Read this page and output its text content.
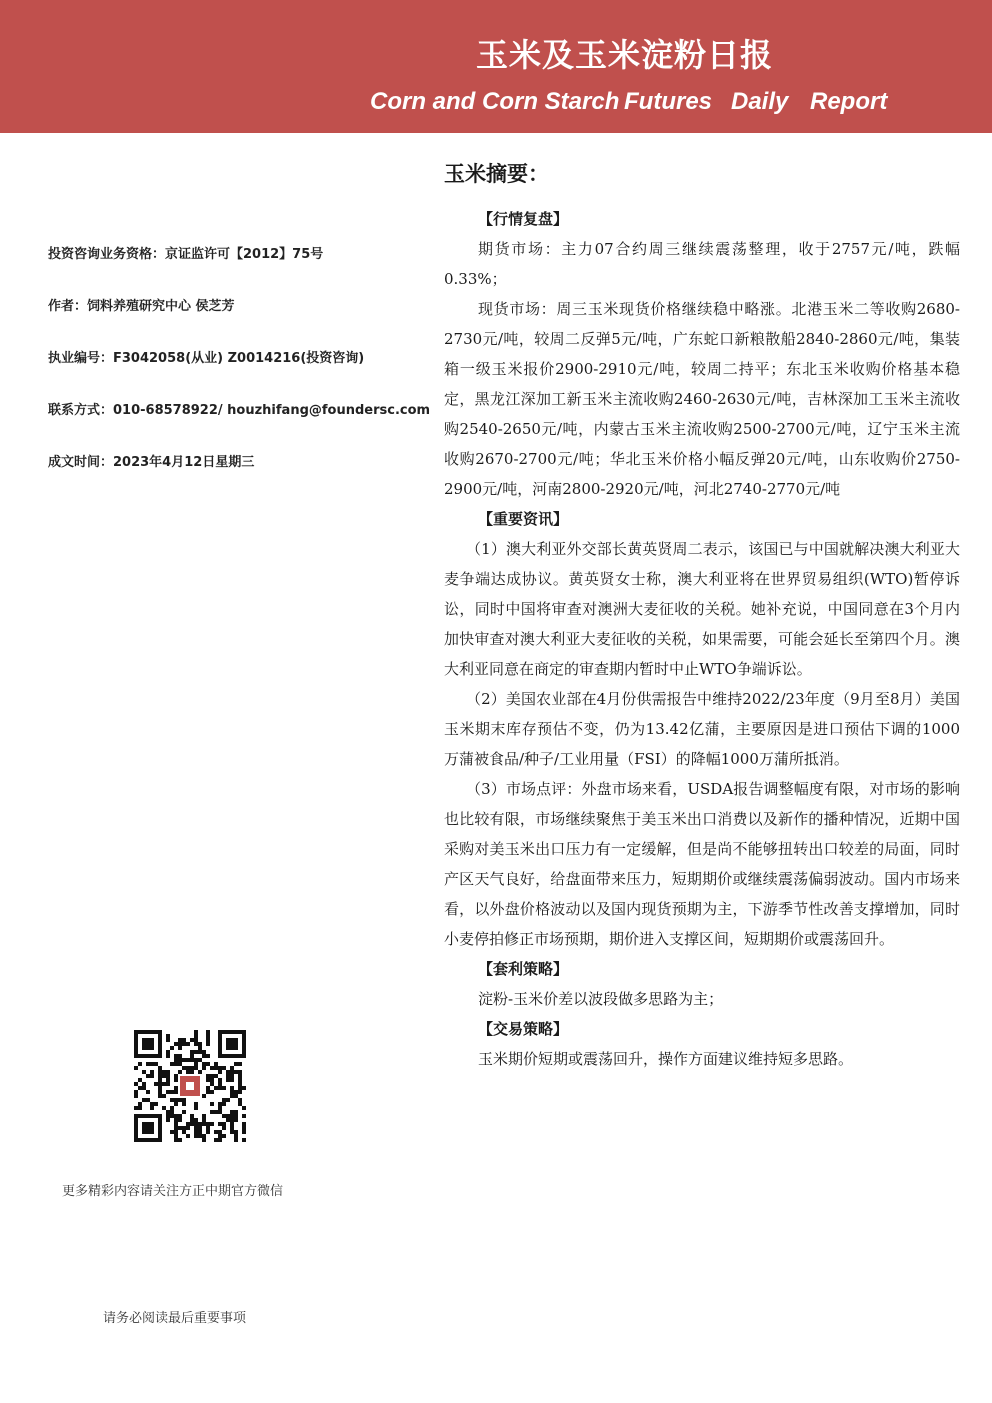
玉米及玉米淀粉日报
Corn and Corn Starch Futures Daily Report
投资咨询业务资格：京证监许可【2012】75号
作者：饲料养殖研究中心 侯芝芳
执业编号：F3042058(从业) Z0014216(投资咨询)
联系方式：010-68578922/ houzhifang@foundersc.com
成文时间：2023年4月12日星期三
更多精彩内容请关注方正中期官方微信
请务必阅读最后重要事项
玉米摘要：
【行情复盘】

期货市场：主力07合约周三继续震荡整理，收于2757元/吨，跌幅0.33%；

现货市场：周三玉米现货价格继续稳中略涨。北港玉米二等收购2680-2730元/吨，较周二反弹5元/吨，广东蛇口新粮散船2840-2860元/吨，集装箱一级玉米报价2900-2910元/吨，较周二持平；东北玉米收购价格基本稳定，黑龙江深加工新玉米主流收购2460-2630元/吨，吉林深加工玉米主流收购2540-2650元/吨，内蒙古玉米主流收购2500-2700元/吨，辽宁玉米主流收购2670-2700元/吨；华北玉米价格小幅反弹20元/吨，山东收购价2750-2900元/吨，河南2800-2920元/吨，河北2740-2770元/吨

【重要资讯】

（1）澳大利亚外交部长黄英贤周二表示，该国已与中国就解决澳大利亚大麦争端达成协议。黄英贤女士称，澳大利亚将在世界贸易组织(WTO)暂停诉讼，同时中国将审查对澳洲大麦征收的关税。她补充说，中国同意在3个月内加快审查对澳大利亚大麦征收的关税，如果需要，可能会延长至第四个月。澳大利亚同意在商定的审查期内暂时中止WTO争端诉讼。

（2）美国农业部在4月份供需报告中维持2022/23年度（9月至8月）美国玉米期末库存预估不变，仍为13.42亿蒲，主要原因是进口预估下调的1000万蒲被食品/种子/工业用量（FSI）的降幅1000万蒲所抵消。

（3）市场点评：外盘市场来看，USDA报告调整幅度有限，对市场的影响也比较有限，市场继续聚焦于美玉米出口消费以及新作的播种情况，近期中国采购对美玉米出口压力有一定缓解，但是尚不能够扭转出口较差的局面，同时产区天气良好，给盘面带来压力，短期期价或继续震荡偏弱波动。国内市场来看，以外盘价格波动以及国内现货预期为主，下游季节性改善支撑增加，同时小麦停拍修正市场预期，期价进入支撑区间，短期期价或震荡回升。

【套利策略】

淀粉-玉米价差以波段做多思路为主；

【交易策略】

玉米期价短期或震荡回升，操作方面建议维持短多思路。
